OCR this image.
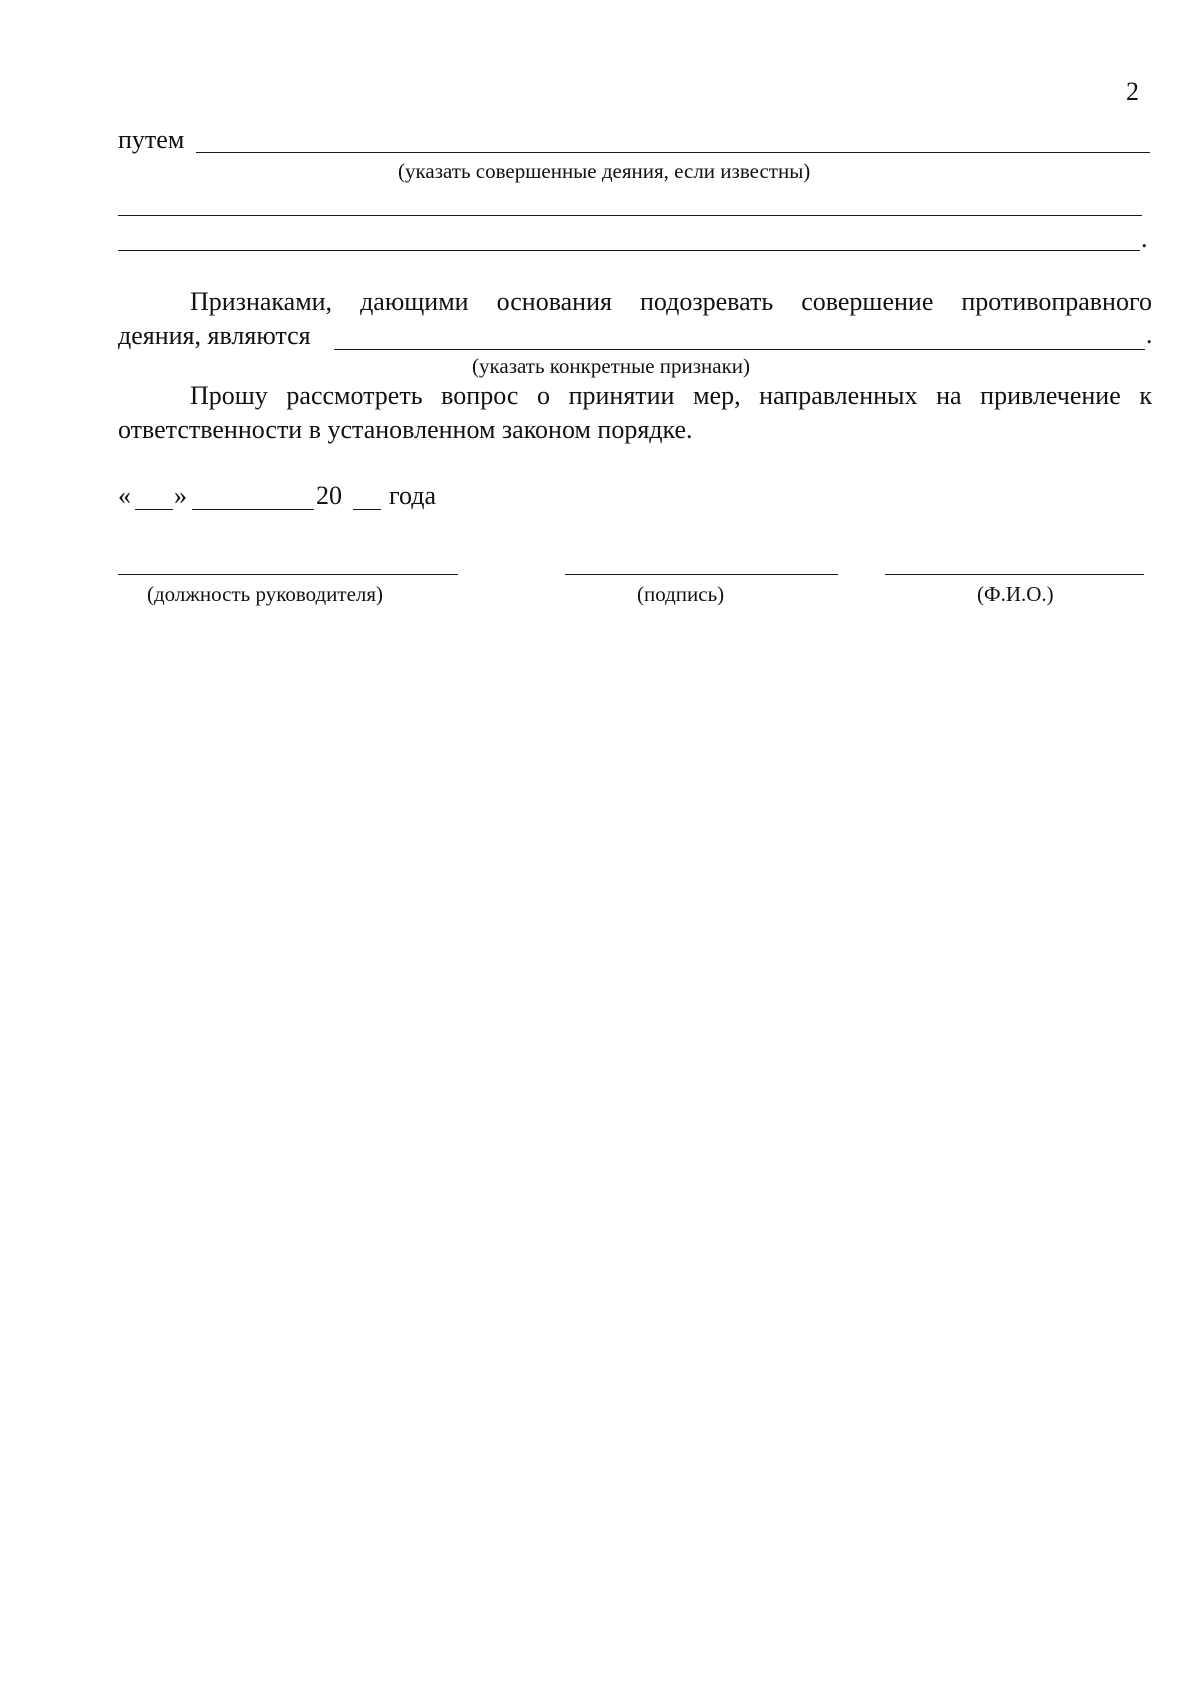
2
путем
(указать совершенные деяния, если известны)
.
Признаками, дающими основания подозревать совершение противоправного
деяния, являются	.
(указать конкретные признаки)
Прошу рассмотреть вопрос о принятии мер, направленных на привлечение к
ответственности в установленном законом порядке.
« »	20 года
(должность руководителя)	(подпись)	(Ф.И.О.)
